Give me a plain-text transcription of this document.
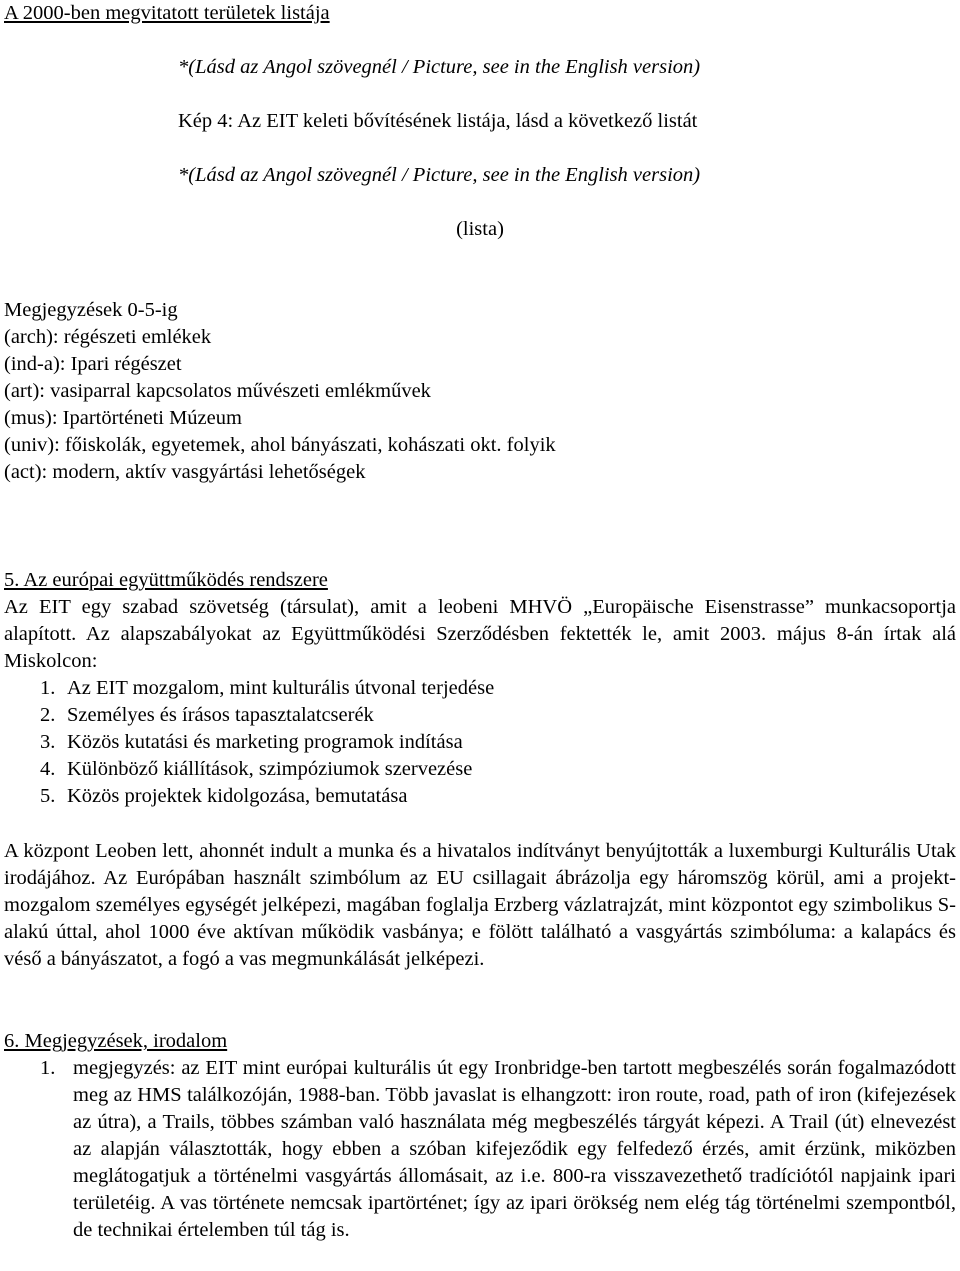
A 2000-ben megvitatott területek listája

*(Lásd az Angol szövegnél / Picture, see in the English version)

Kép 4: Az EIT keleti bővítésének listája, lásd a következő listát

*(Lásd az Angol szövegnél / Picture, see in the English version)

(lista)

Megjegyzések 0-5-ig
(arch): régészeti emlékek
(ind-a): Ipari régészet
(art): vasiparral kapcsolatos művészeti emlékművek
(mus): Ipartörténeti Múzeum
(univ): főiskolák, egyetemek, ahol bányászati, kohászati okt. folyik
(act): modern, aktív vasgyártási lehetőségek
5. Az európai együttműködés rendszere

Az EIT egy szabad szövetség (társulat), amit a leobeni MHVÖ „Europäische Eisenstrasse” munkacsoportja alapított. Az alapszabályokat az Együttműködési Szerződésben fektették le, amit 2003. május 8-án írtak alá Miskolcon:

1. Az EIT mozgalom, mint kulturális útvonal terjedése
2. Személyes és írásos tapasztalatcserék
3. Közös kutatási és marketing programok indítása
4. Különböző kiállítások, szimpóziumok szervezése
5. Közös projektek kidolgozása, bemutatása

A központ Leoben lett, ahonnét indult a munka és a hivatalos indítványt benyújtották a luxemburgi Kulturális Utak irodájához. Az Európában használt szimbólum az EU csillagait ábrázolja egy háromszög körül, ami a projekt-mozgalom személyes egységét jelképezi, magában foglalja Erzberg vázlatrajzát, mint központot egy szimbolikus S-alakú úttal, ahol 1000 éve aktívan működik vasbánya; e fölött található a vasgyártás szimbóluma: a kalapács és véső a bányászatot, a fogó a vas megmunkálását jelképezi.

6. Megjegyzések, irodalom
1. megjegyzés: az EIT mint európai kulturális út egy Ironbridge-ben tartott megbeszélés során fogalmazódott meg az HMS találkozóján, 1988-ban. Több javaslat is elhangzott: iron route, road, path of iron (kifejezések az útra), a Trails, többes számban való használata még megbeszélés tárgyát képezi. A Trail (út) elnevezést az alapján választották, hogy ebben a szóban kifejeződik egy felfedező érzés, amit érzünk, miközben meglátogatjuk a történelmi vasgyártás állomásait, az i.e. 800-ra visszavezethető tradíciótól napjaink ipari területéig. A vas története nemcsak ipartörténet; így az ipari örökség nem elég tág történelmi szempontból, de technikai értelemben túl tág is.
